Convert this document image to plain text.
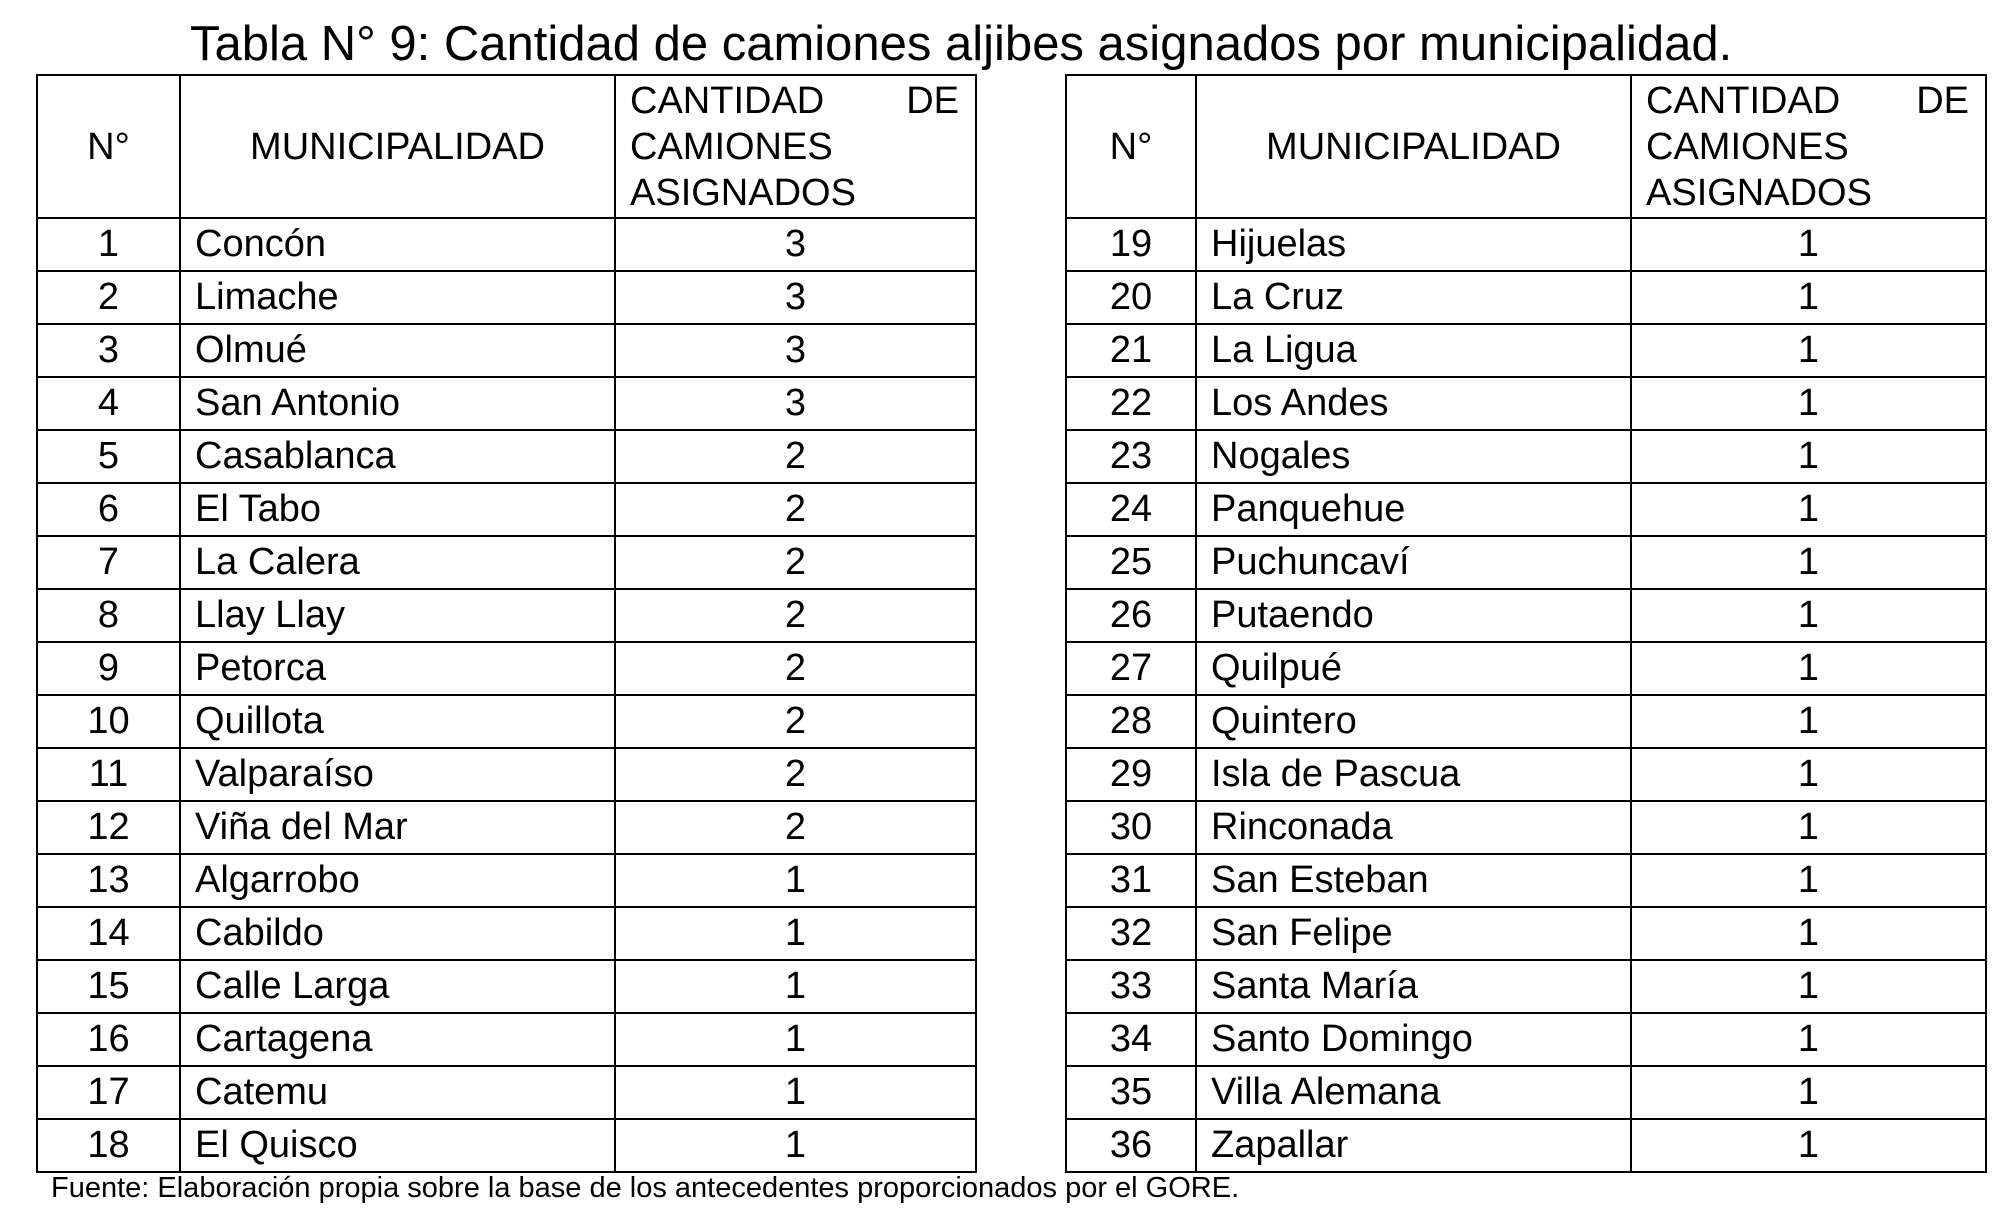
Tabla N° 9: Cantidad de camiones aljibes asignados por municipalidad.
N°	MUNICIPALIDAD	CANTIDAD DE
CAMIONES
ASIGNADOS

1	Concón	3
2	Limache	3
3	Olmué	3
4	San Antonio	3
5	Casablanca	2
6	El Tabo	2
7	La Calera	2
8	Llay Llay	2
9	Petorca	2
10	Quillota	2
11	Valparaíso	2
12	Viña del Mar	2
13	Algarrobo	1
14	Cabildo	1
15	Calle Larga	1
16	Cartagena	1
17	Catemu	1
18	El Quisco	1
N°	MUNICIPALIDAD	CANTIDAD DE
CAMIONES
ASIGNADOS

19	Hijuelas	1
20	La Cruz	1
21	La Ligua	1
22	Los Andes	1
23	Nogales	1
24	Panquehue	1
25	Puchuncaví	1
26	Putaendo	1
27	Quilpué	1
28	Quintero	1
29	Isla de Pascua	1
30	Rinconada	1
31	San Esteban	1
32	San Felipe	1
33	Santa María	1
34	Santo Domingo	1
35	Villa Alemana	1
36	Zapallar	1
Fuente: Elaboración propia sobre la base de los antecedentes proporcionados por el GORE.
